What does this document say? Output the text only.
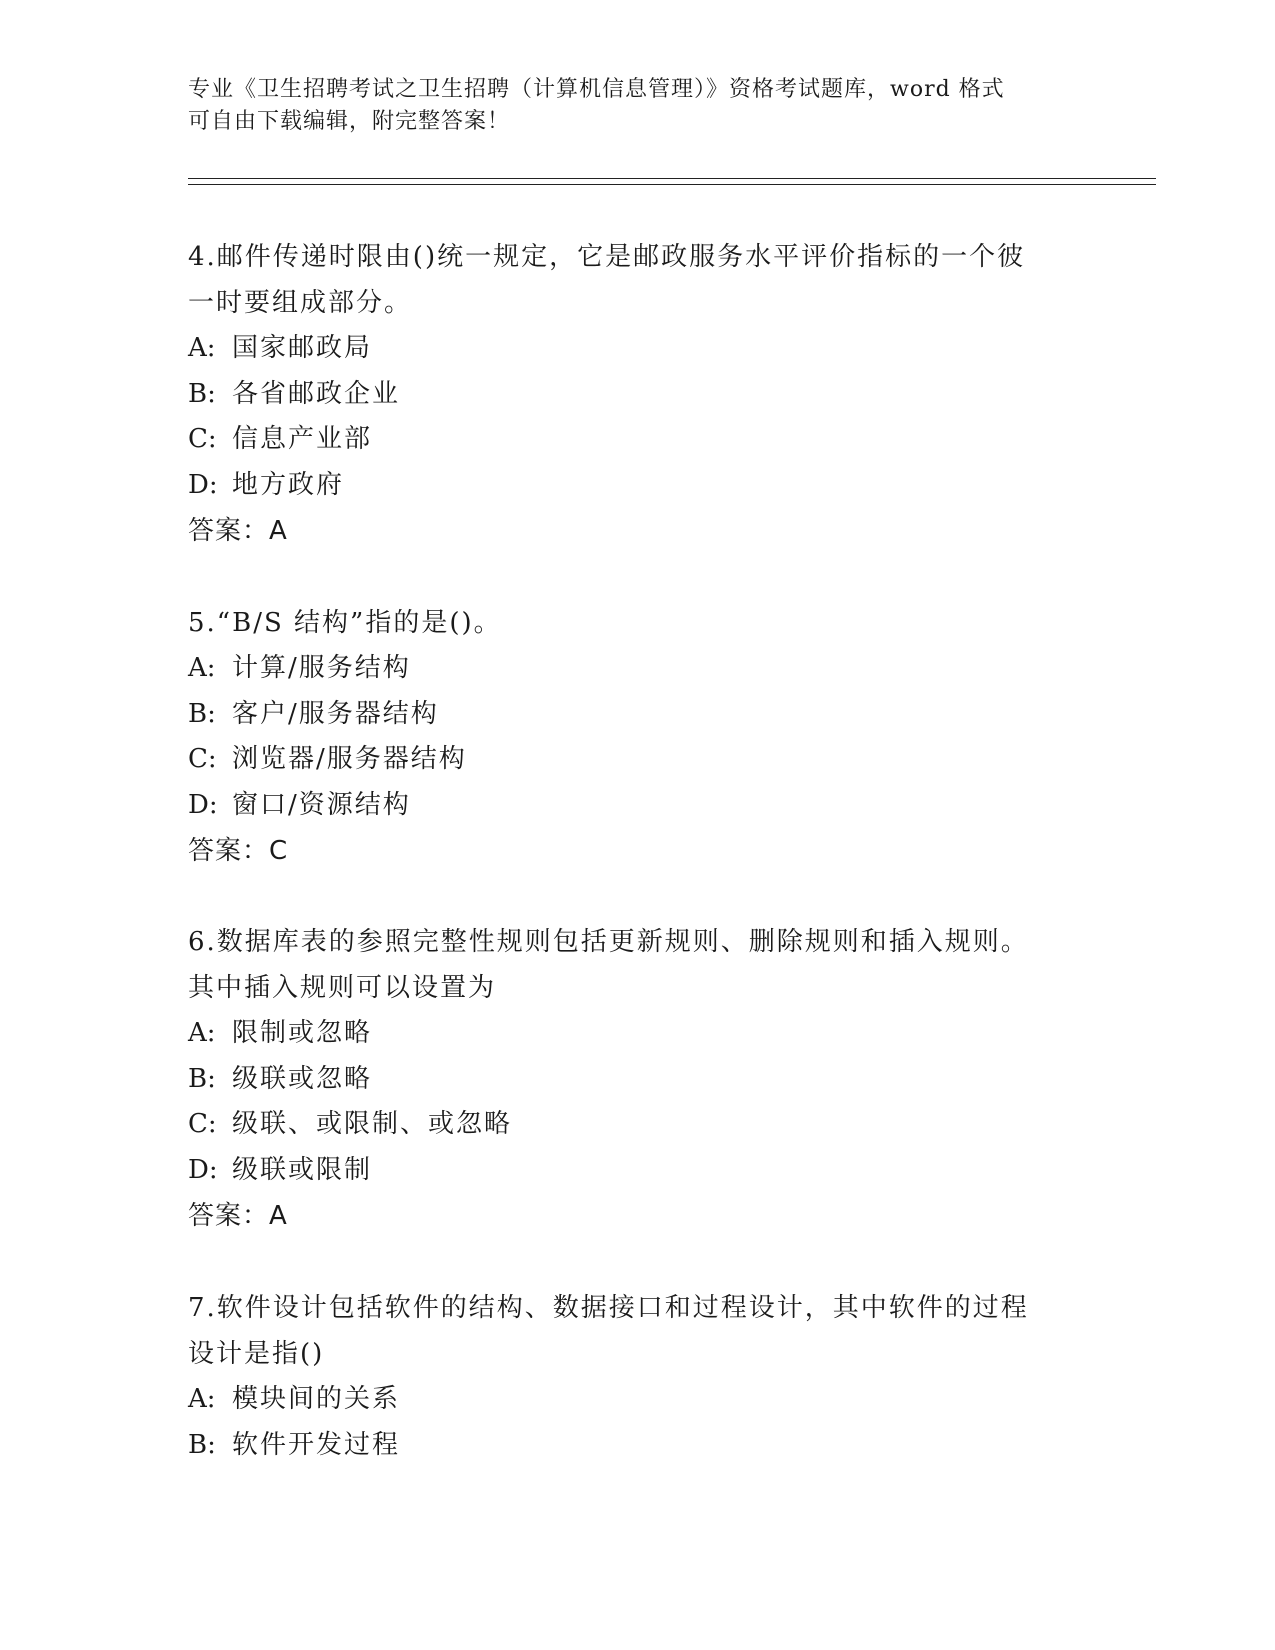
专业《卫生招聘考试之卫生招聘（计算机信息管理）》资格考试题库，word 格式
可自由下载编辑，附完整答案！

4.邮件传递时限由()统一规定，它是邮政服务水平评价指标的一个彼

一时要组成部分。

A: 国家邮政局

B: 各省邮政企业

C: 信息产业部

D: 地方政府

答案：A

5.“B/S 结构”指的是()。

A: 计算/服务结构

B: 客户/服务器结构

C: 浏览器/服务器结构

D: 窗口/资源结构

答案：C

6.数据库表的参照完整性规则包括更新规则、删除规则和插入规则。

其中插入规则可以设置为

A: 限制或忽略

B: 级联或忽略

C: 级联、或限制、或忽略

D: 级联或限制

答案：A

7.软件设计包括软件的结构、数据接口和过程设计，其中软件的过程

设计是指()

A: 模块间的关系

B: 软件开发过程
